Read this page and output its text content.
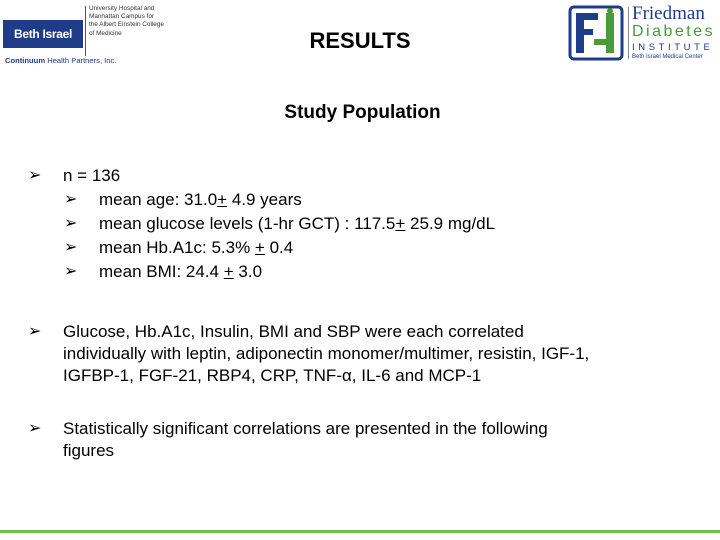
Beth Israel
University Hospital and
Manhattan Campus for
the Albert Einstein College
of Medicine
Continuum Health Partners, Inc.
RESULTS
Friedman
Diabetes
INSTITUTE
Beth Israel Medical Center
Study Population
➢ n = 136
➢ mean age: 31.0+ 4.9 years
➢ mean glucose levels (1-hr GCT) : 117.5+ 25.9 mg/dL
➢ mean Hb.A1c: 5.3% + 0.4
➢ mean BMI: 24.4 + 3.0
➢ Glucose, Hb.A1c, Insulin, BMI and SBP were each correlated
individually with leptin, adiponectin monomer/multimer, resistin, IGF-1,
IGFBP-1, FGF-21, RBP4, CRP, TNF-α, IL-6 and MCP-1
➢ Statistically significant correlations are presented in the following
figures
